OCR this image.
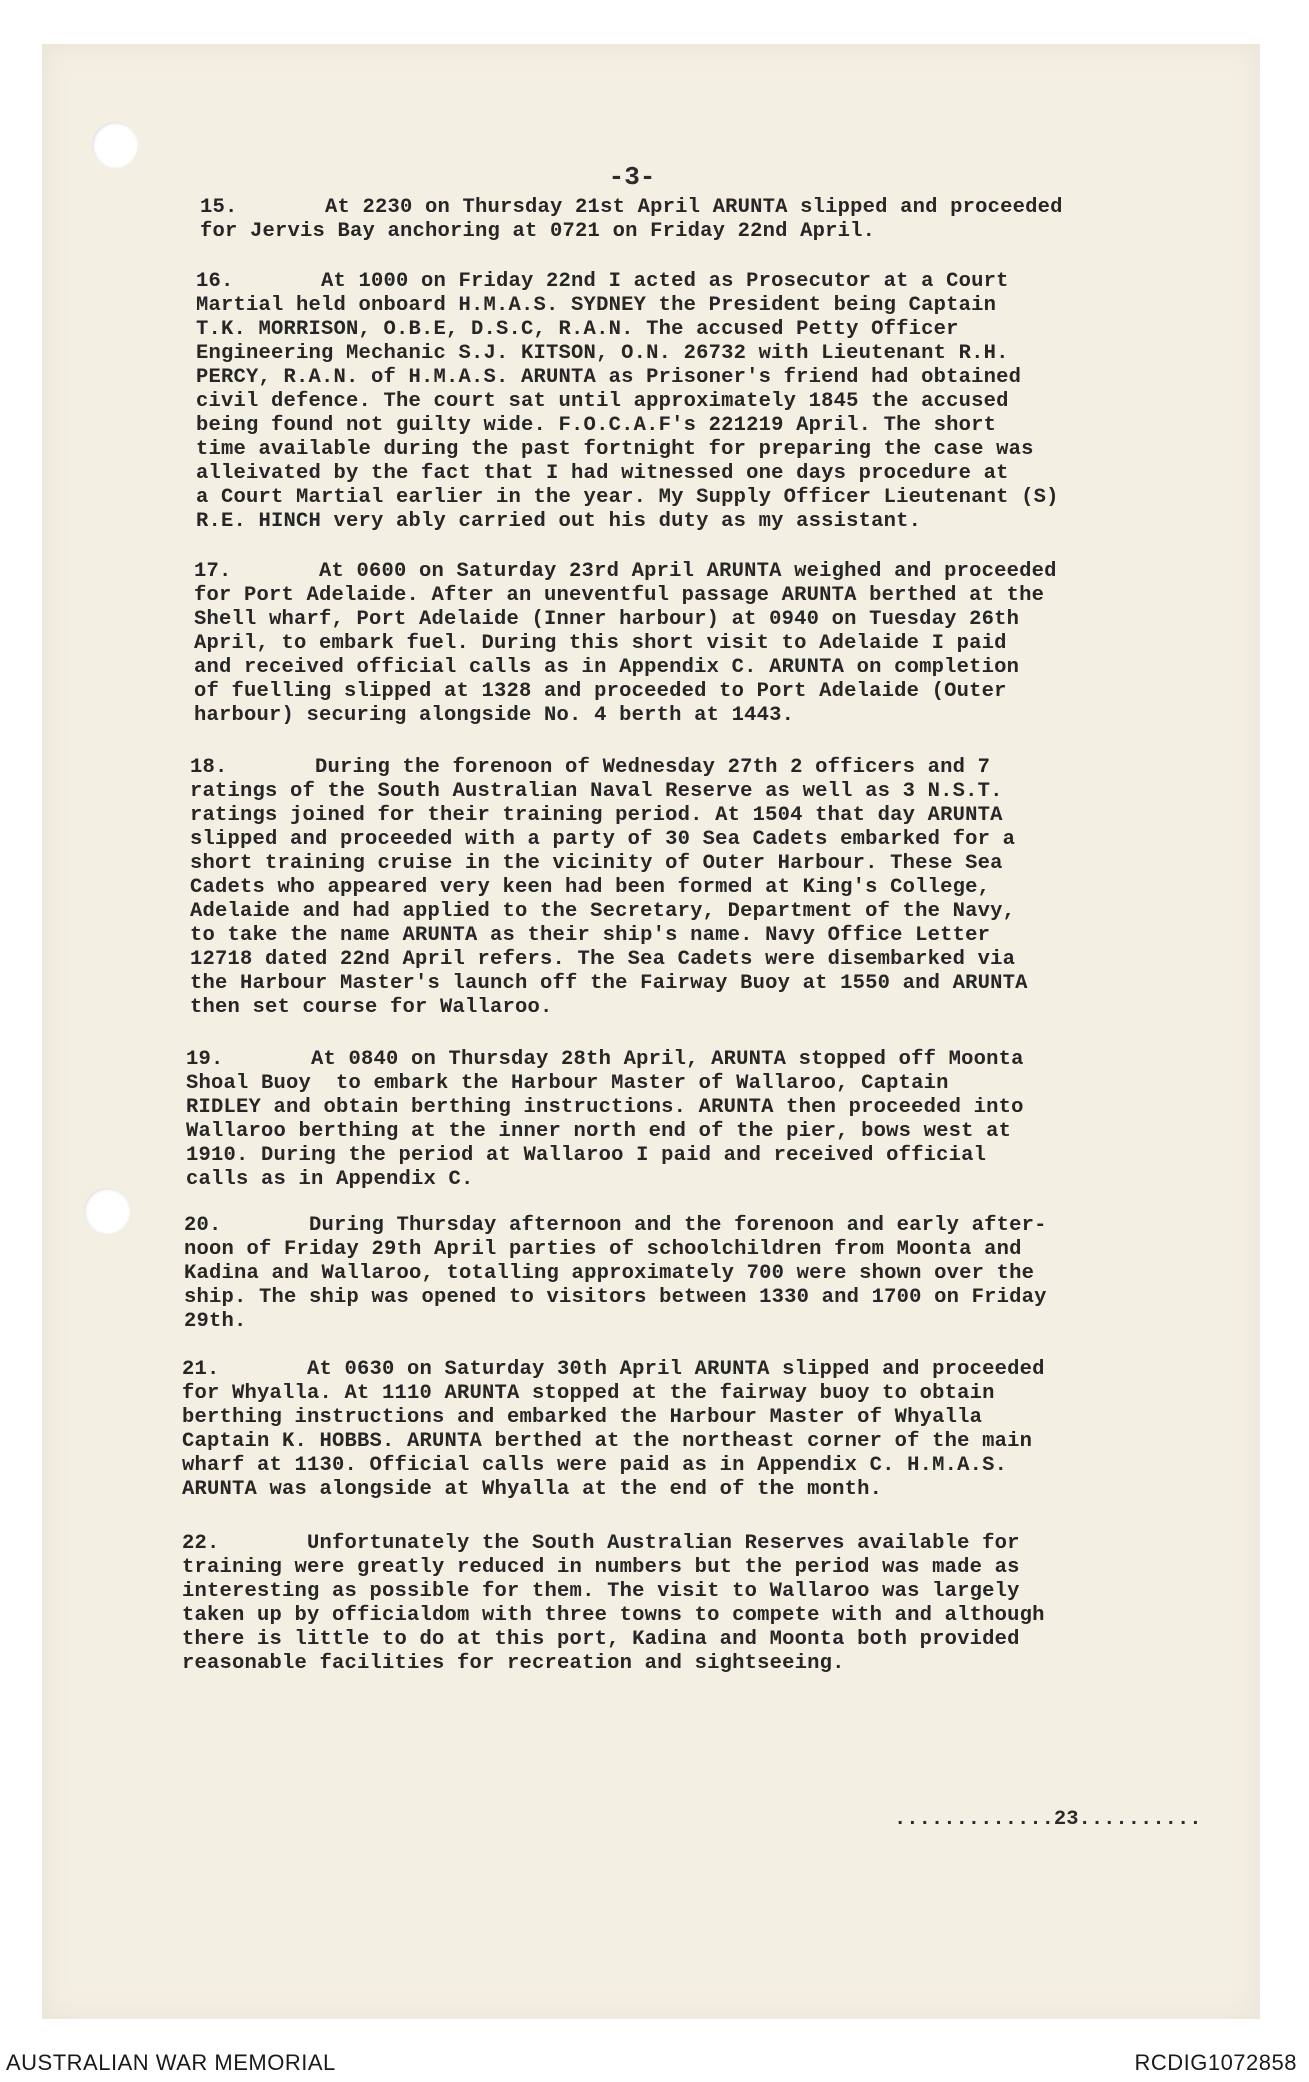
-3-

15.       At 2230 on Thursday 21st April ARUNTA slipped and proceeded
for Jervis Bay anchoring at 0721 on Friday 22nd April.

16.       At 1000 on Friday 22nd I acted as Prosecutor at a Court
Martial held onboard H.M.A.S. SYDNEY the President being Captain
T.K. MORRISON, O.B.E, D.S.C, R.A.N. The accused Petty Officer
Engineering Mechanic S.J. KITSON, O.N. 26732 with Lieutenant R.H.
PERCY, R.A.N. of H.M.A.S. ARUNTA as Prisoner's friend had obtained
civil defence. The court sat until approximately 1845 the accused
being found not guilty wide. F.O.C.A.F's 221219 April. The short
time available during the past fortnight for preparing the case was
alleivated by the fact that I had witnessed one days procedure at
a Court Martial earlier in the year. My Supply Officer Lieutenant (S)
R.E. HINCH very ably carried out his duty as my assistant.

17.       At 0600 on Saturday 23rd April ARUNTA weighed and proceeded
for Port Adelaide. After an uneventful passage ARUNTA berthed at the
Shell wharf, Port Adelaide (Inner harbour) at 0940 on Tuesday 26th
April, to embark fuel. During this short visit to Adelaide I paid
and received official calls as in Appendix C. ARUNTA on completion
of fuelling slipped at 1328 and proceeded to Port Adelaide (Outer
harbour) securing alongside No. 4 berth at 1443.

18.       During the forenoon of Wednesday 27th 2 officers and 7
ratings of the South Australian Naval Reserve as well as 3 N.S.T.
ratings joined for their training period. At 1504 that day ARUNTA
slipped and proceeded with a party of 30 Sea Cadets embarked for a
short training cruise in the vicinity of Outer Harbour. These Sea
Cadets who appeared very keen had been formed at King's College,
Adelaide and had applied to the Secretary, Department of the Navy,
to take the name ARUNTA as their ship's name. Navy Office Letter
12718 dated 22nd April refers. The Sea Cadets were disembarked via
the Harbour Master's launch off the Fairway Buoy at 1550 and ARUNTA
then set course for Wallaroo.

19.       At 0840 on Thursday 28th April, ARUNTA stopped off Moonta
Shoal Buoy  to embark the Harbour Master of Wallaroo, Captain
RIDLEY and obtain berthing instructions. ARUNTA then proceeded into
Wallaroo berthing at the inner north end of the pier, bows west at
1910. During the period at Wallaroo I paid and received official
calls as in Appendix C.

20.       During Thursday afternoon and the forenoon and early after-
noon of Friday 29th April parties of schoolchildren from Moonta and
Kadina and Wallaroo, totalling approximately 700 were shown over the
ship. The ship was opened to visitors between 1330 and 1700 on Friday
29th.

21.       At 0630 on Saturday 30th April ARUNTA slipped and proceeded
for Whyalla. At 1110 ARUNTA stopped at the fairway buoy to obtain
berthing instructions and embarked the Harbour Master of Whyalla
Captain K. HOBBS. ARUNTA berthed at the northeast corner of the main
wharf at 1130. Official calls were paid as in Appendix C. H.M.A.S.
ARUNTA was alongside at Whyalla at the end of the month.

22.       Unfortunately the South Australian Reserves available for
training were greatly reduced in numbers but the period was made as
interesting as possible for them. The visit to Wallaroo was largely
taken up by officialdom with three towns to compete with and although
there is little to do at this port, Kadina and Moonta both provided
reasonable facilities for recreation and sightseeing.

.............23..........
AUSTRALIAN WAR MEMORIAL	RCDIG1072858
